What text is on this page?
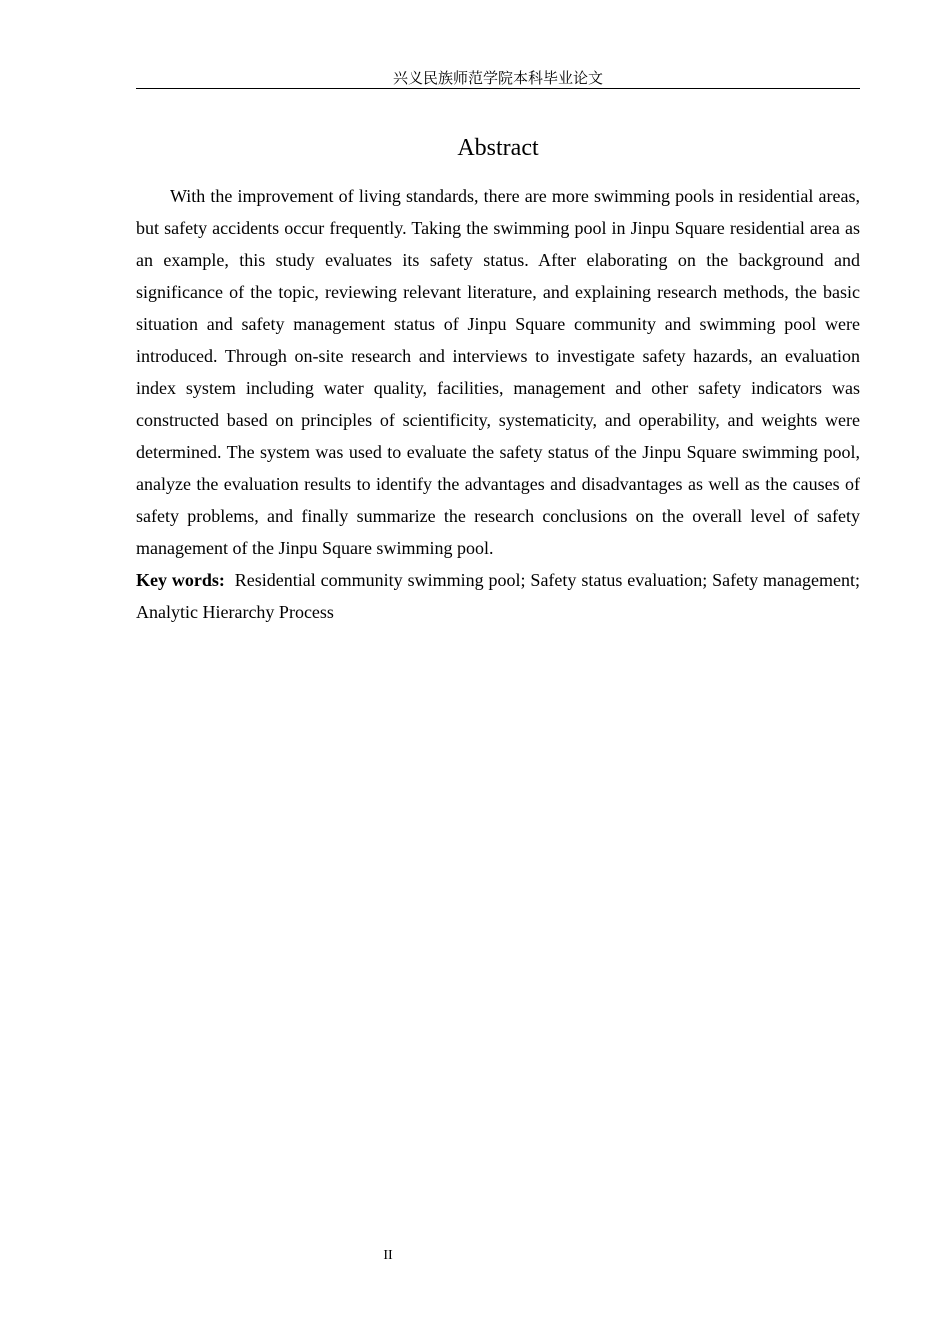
兴义民族师范学院本科毕业论文
Abstract

With the improvement of living standards, there are more swimming pools in residential areas, but safety accidents occur frequently. Taking the swimming pool in Jinpu Square residential area as an example, this study evaluates its safety status. After elaborating on the background and significance of the topic, reviewing relevant literature, and explaining research methods, the basic situation and safety management status of Jinpu Square community and swimming pool were introduced. Through on-site research and interviews to investigate safety hazards, an evaluation index system including water quality, facilities, management and other safety indicators was constructed based on principles of scientificity, systematicity, and operability, and weights were determined. The system was used to evaluate the safety status of the Jinpu Square swimming pool, analyze the evaluation results to identify the advantages and disadvantages as well as the causes of safety problems, and finally summarize the research conclusions on the overall level of safety management of the Jinpu Square swimming pool.

Key words: Residential community swimming pool; Safety status evaluation; Safety management; Analytic Hierarchy Process

II
